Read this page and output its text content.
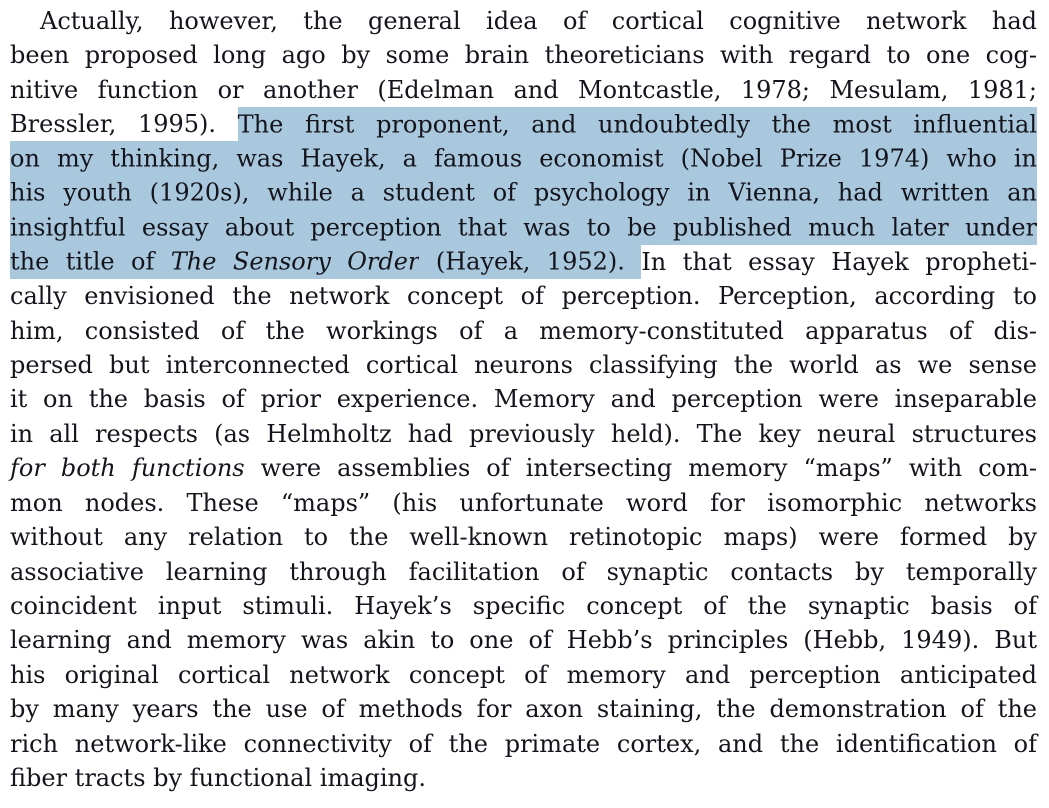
Actually, however, the general idea of cortical cognitive network had
been proposed long ago by some brain theoreticians with regard to one cog-
nitive function or another (Edelman and Montcastle, 1978; Mesulam, 1981;
Bressler, 1995). The first proponent, and undoubtedly the most influential
on my thinking, was Hayek, a famous economist (Nobel Prize 1974) who in
his youth (1920s), while a student of psychology in Vienna, had written an
insightful essay about perception that was to be published much later under
the title of The Sensory Order (Hayek, 1952). In that essay Hayek propheti-
cally envisioned the network concept of perception. Perception, according to
him, consisted of the workings of a memory-constituted apparatus of dis-
persed but interconnected cortical neurons classifying the world as we sense
it on the basis of prior experience. Memory and perception were inseparable
in all respects (as Helmholtz had previously held). The key neural structures
for both functions were assemblies of intersecting memory “maps” with com-
mon nodes. These “maps” (his unfortunate word for isomorphic networks
without any relation to the well-known retinotopic maps) were formed by
associative learning through facilitation of synaptic contacts by temporally
coincident input stimuli. Hayek’s specific concept of the synaptic basis of
learning and memory was akin to one of Hebb’s principles (Hebb, 1949). But
his original cortical network concept of memory and perception anticipated
by many years the use of methods for axon staining, the demonstration of the
rich network-like connectivity of the primate cortex, and the identification of
fiber tracts by functional imaging.
